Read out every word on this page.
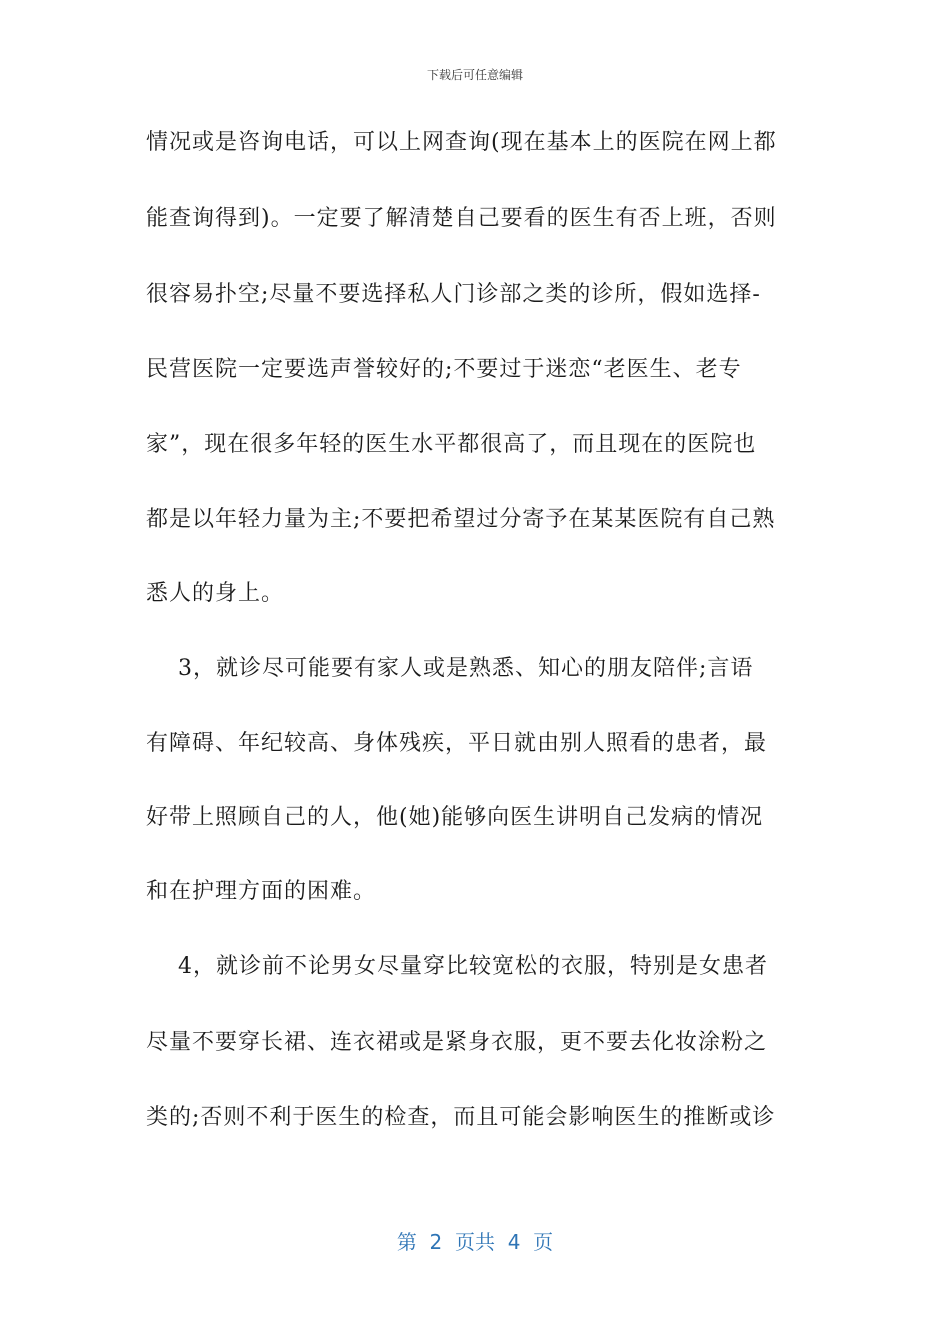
下载后可任意编辑
情况或是咨询电话，可以上网查询(现在基本上的医院在网上都
能查询得到)。一定要了解清楚自己要看的医生有否上班，否则
很容易扑空;尽量不要选择私人门诊部之类的诊所，假如选择-
民营医院一定要选声誉较好的;不要过于迷恋“老医生、老专
家”，现在很多年轻的医生水平都很高了，而且现在的医院也
都是以年轻力量为主;不要把希望过分寄予在某某医院有自己熟
悉人的身上。
3，就诊尽可能要有家人或是熟悉、知心的朋友陪伴;言语
有障碍、年纪较高、身体残疾，平日就由别人照看的患者，最
好带上照顾自己的人，他(她)能够向医生讲明自己发病的情况
和在护理方面的困难。
4，就诊前不论男女尽量穿比较宽松的衣服，特别是女患者
尽量不要穿长裙、连衣裙或是紧身衣服，更不要去化妆涂粉之
类的;否则不利于医生的检查，而且可能会影响医生的推断或诊
第  2  页共  4  页
